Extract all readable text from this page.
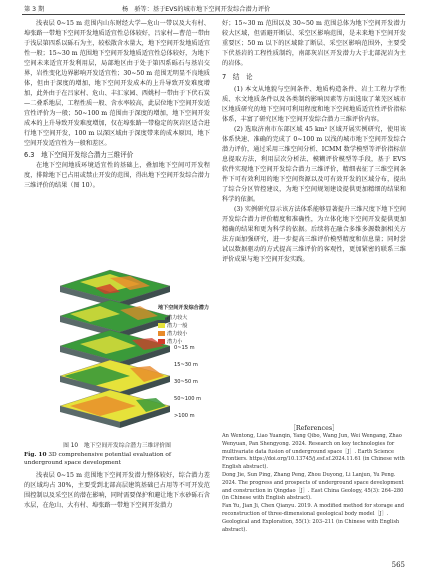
第 3 期	杨　骄等：基于EVS的城市地下空间开发综合潜力评价

浅表层 0~15 m 范围内山东财经大学—危山一带以及大有村、埠张路一带地下空间开发地质适宜性总体较好，吕家村—曹范一带由于浅层第四系以砾石为主，较松散含水量大，地下空间开发地质适宜性一般；15~30 m 范围地下空间开发地质适宜性总体较好，为地下空间未来适宜开发利用层，局部地区由于处于第四系砾石与基岩交界，岩性变化边界影响开发适宜性；30~50 m 范围无明显不良地质体，但由于深度的增加，地下空间开发成本的上升导致开发难度增加，此外由于在吕家村、危山、丰汇家园、西姚村一带由于下伏石炭—二叠系地层，工程性质一般、含水率较高，此层位地下空间开发适宜性评价为一般；50~100 m 范围由于深度的增加，地下空间开发成本的上升导致开发难度增加，仅在埠张路一带稳定的灰岩区适合进行地下空间开发，100 m 以深区域由于深度带来的成本原因，地下空间开发适宜性为一般和差区。

6.3　地下空间开发综合潜力三维评价

在地下空间地质环境适宜性的基础上，叠加地下空间可开发程度，排除地下已占用或禁止开发的范围，得出地下空间开发综合潜力三维评价的结果（图 10）。

地下空间开发综合潜力
潜力较大
潜力一般
潜力较小
潜力小
0~15 m
15~30 m
30~50 m
50~100 m
>100 m
图 10　地下空间开发综合潜力三维评价图
Fig. 10 3D comprehensive potential evaluation of underground space development

浅表层 0~15 m 范围地下空间开发潜力整体较好，综合潜力差的区域均占 30%，主要受到北部高层建筑基础已占用等不可开发范围控制以及采空区的潜在影响，同时需要保护和避让地下水砂砾石含水层，在危山、大有村、埠张路一带地下空间开发潜力

好；15~30 m 范围以及 30~50 m 范围总体为地下空间开发潜力较大区域，但需避开断层、采空区影响范围，是未来地下空间开发重要区；50 m 以下的区域除了断层、采空区影响范围外，主要受下伏基岩的工程性质制约，南部灰岩区开发潜力大于北部泥岩为主的岩体。

7　结　论

(1) 本文从地貌与空间条件、地质构造条件、岩土工程力学性质、水文地质条件以及各类制约影响因素等方面选取了莱芜区城市区地质研究的地下空间可利用程度和地下空间地质适宜性评价指标体系，丰富了研究区地下空间开发综合潜力三维评价内容。

(2) 选取济南市东部区域 45 km² 区域开展实例研究，使用该体系快速、准确的完成了 0~100 m 以浅的城市地下空间开发综合潜力评价，通过采用三维空间分析、ICMM 数学模型等评价指标信息提取方法，利用层次分析法、模糊评价模型等手段，基于 EVS 软件实现地下空间开发综合潜力三维评价，精细表征了三维空间条件下可有效利用的地下空间资源以及可有效开发的区域分布，提出了综合分区管控建议，为地下空间规划建设提供更加精细的结果和科学的依据。

(3) 实例研究显示该方法体系能够显著提升三维尺度下地下空间开发综合潜力评价精度和准确性，为立体化地下空间开发提供更加精确的结果和更为科学的依据。后续将在融合多维多源数据相关方法方面加强研究，进一步提高三维评价模型精度和信息量；同时尝试以数据驱动的方式提高三维评价的客观性，更加紧密的联系三维评价成果与地下空间开发实践。

［References］

An Wentong, Liao Yuanqin, Yang Qibo, Wang Jun, Wei Wengang, Zhao Wenyuan, Pan Shengyong. 2024. Research on key technologies for multivariate data fusion of underground space［J］. Earth Science Frontiers. https://doi.org/10.13745/j.esf.sf.2024.11.61 (in Chinese with English abstract).

Dong Jie, Sun Ping, Zhang Peng, Zhou Duyong, Li Lanjun, Yu Peng. 2024. The progress and prospects of underground space development and construction in Qingdao［J］. East China Geology, 45(3): 264–280 (in Chinese with English abstract).

Fan Yu, Jian Ji, Chen Qianyu. 2019. A modified method for storage and reconstruction of three-dimensional geological body model［J］. Geological and Exploration, 55(1): 203–211 (in Chinese with English abstract).

565
